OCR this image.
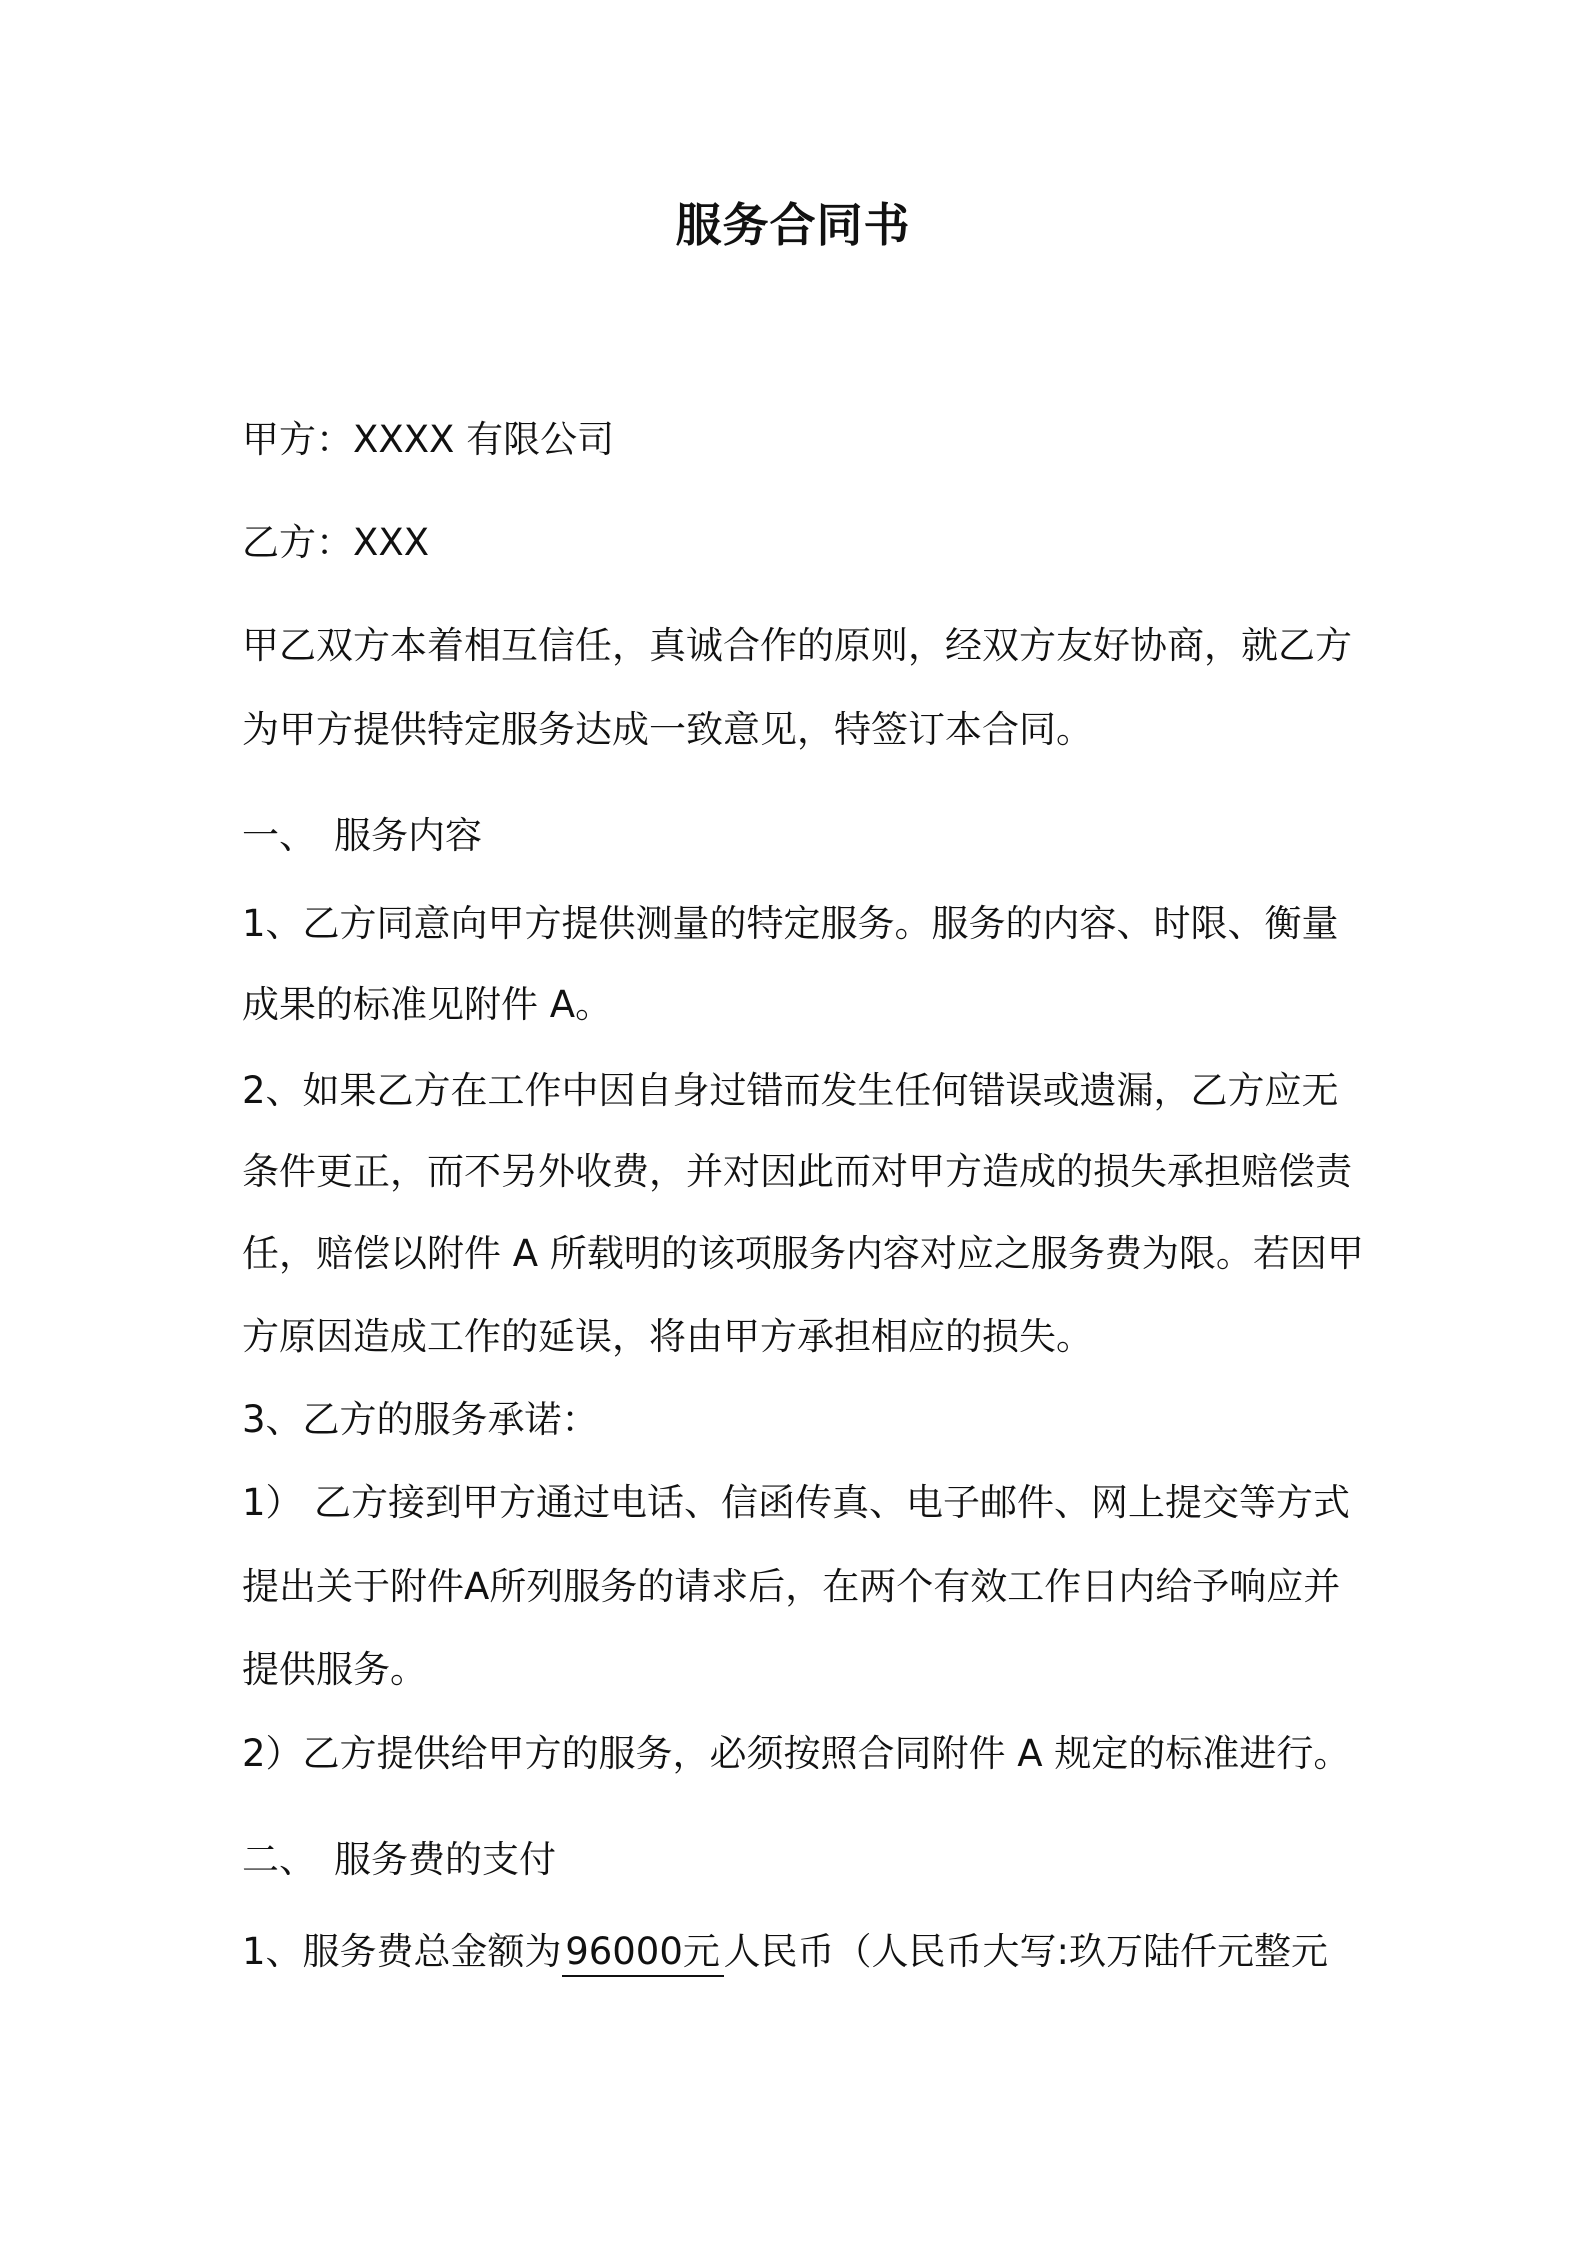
服务合同书
甲方：XXXX 有限公司
乙方：XXX
甲乙双方本着相互信任，真诚合作的原则，经双方友好协商，就乙方
为甲方提供特定服务达成一致意见，特签订本合同。
一、 服务内容
1、乙方同意向甲方提供测量的特定服务。服务的内容、时限、衡量
成果的标准见附件 A。
2、如果乙方在工作中因自身过错而发生任何错误或遗漏，乙方应无
条件更正，而不另外收费，并对因此而对甲方造成的损失承担赔偿责
任，赔偿以附件 A 所载明的该项服务内容对应之服务费为限。若因甲
方原因造成工作的延误，将由甲方承担相应的损失。
3、乙方的服务承诺：
1） 乙方接到甲方通过电话、信函传真、电子邮件、网上提交等方式
提出关于附件A所列服务的请求后，在两个有效工作日内给予响应并
提供服务。
2）乙方提供给甲方的服务，必须按照合同附件 A 规定的标准进行。
二、 服务费的支付
1、服务费总金额为96000元人民币（人民币大写:玖万陆仟元整元
